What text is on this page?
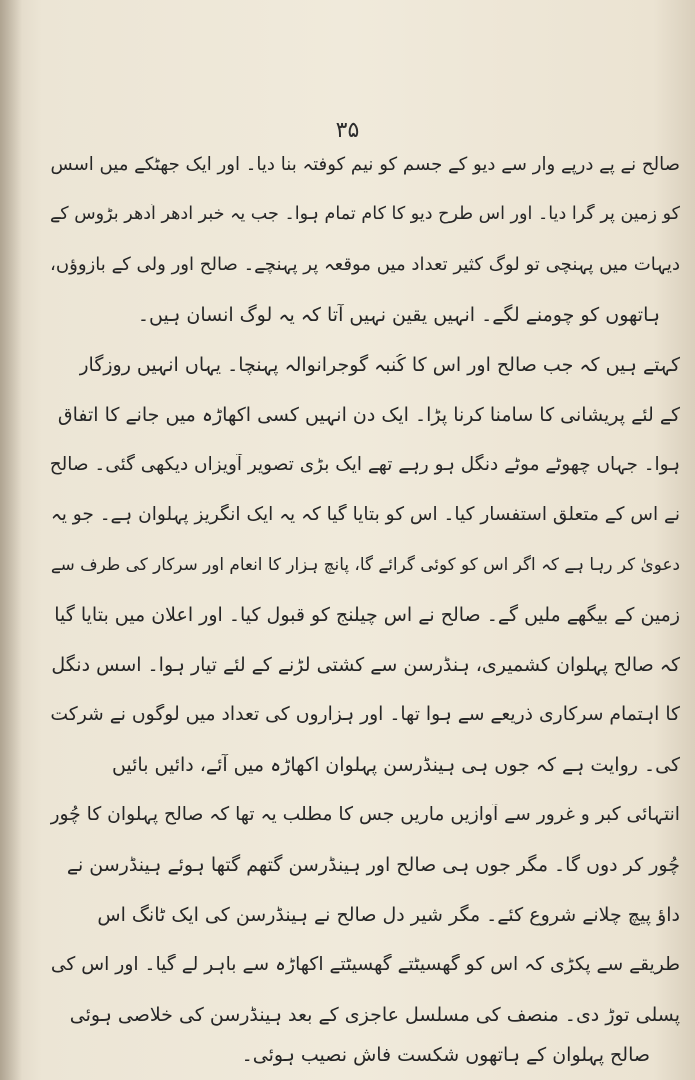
۳۵
صالح نے پے درپے وار سے دیو کے جسم کو نیم کوفتہ بنا دیا۔ اور ایک جھٹکے میں اسس
کو زمین پر گرا دیا۔ اور اس طرح دیو کا کام تمام ہوا۔ جب یہ خبر ادھر اُدھر بڑوس کے
دیہات میں پہنچی تو لوگ کثیر تعداد میں موقعہ پر پہنچے۔ صالح اور ولی کے بازوؤں،
ہاتھوں کو چومنے لگے۔ انہیں یقین نہیں آتا کہ یہ لوگ انسان ہیں۔
کہتے ہیں کہ جب صالح اور اس کا کُنبہ گوجرانوالہ پہنچا۔ یہاں انہیں روزگار
کے لئے پریشانی کا سامنا کرنا پڑا۔ ایک دن انہیں کسی اکھاڑہ میں جانے کا اتفاق
ہوا۔ جہاں چھوٹے موٹے دنگل ہو رہے تھے ایک بڑی تصویر آویزاں دیکھی گئی۔ صالح
نے اس کے متعلق استفسار کیا۔ اس کو بتایا گیا کہ یہ ایک انگریز پہلوان ہے۔ جو یہ
دعویٰ کر رہا ہے کہ اگر اس کو کوئی گرائے گا، پانچ ہزار کا انعام اور سرکار کی طرف سے
زمین کے بیگھے ملیں گے۔ صالح نے اس چیلنج کو قبول کیا۔ اور اعلان میں بتایا گیا
کہ صالح پہلوان کشمیری، ہنڈرسن سے کشتی لڑنے کے لئے تیار ہوا۔ اسس دنگل
کا اہتمام سرکاری ذریعے سے ہوا تھا۔ اور ہزاروں کی تعداد میں لوگوں نے شرکت
کی۔ روایت ہے کہ جوں ہی ہینڈرسن پہلوان اکھاڑہ میں آئے، دائیں بائیں
انتہائی کبر و غرور سے آوازیں ماریں جس کا مطلب یہ تھا کہ صالح پہلوان کا چُور
چُور کر دوں گا۔ مگر جوں ہی صالح اور ہینڈرسن گتھم گتھا ہوئے ہینڈرسن نے
داؤ پیچ چلانے شروع کئے۔ مگر شیر دل صالح نے ہینڈرسن کی ایک ٹانگ اس
طریقے سے پکڑی کہ اس کو گھسیٹتے گھسیٹتے اکھاڑہ سے باہر لے گیا۔ اور اس کی
پسلی توڑ دی۔ منصف کی مسلسل عاجزی کے بعد ہینڈرسن کی خلاصی ہوئی
صالح پہلوان کے ہاتھوں شکست فاش نصیب ہوئی۔
